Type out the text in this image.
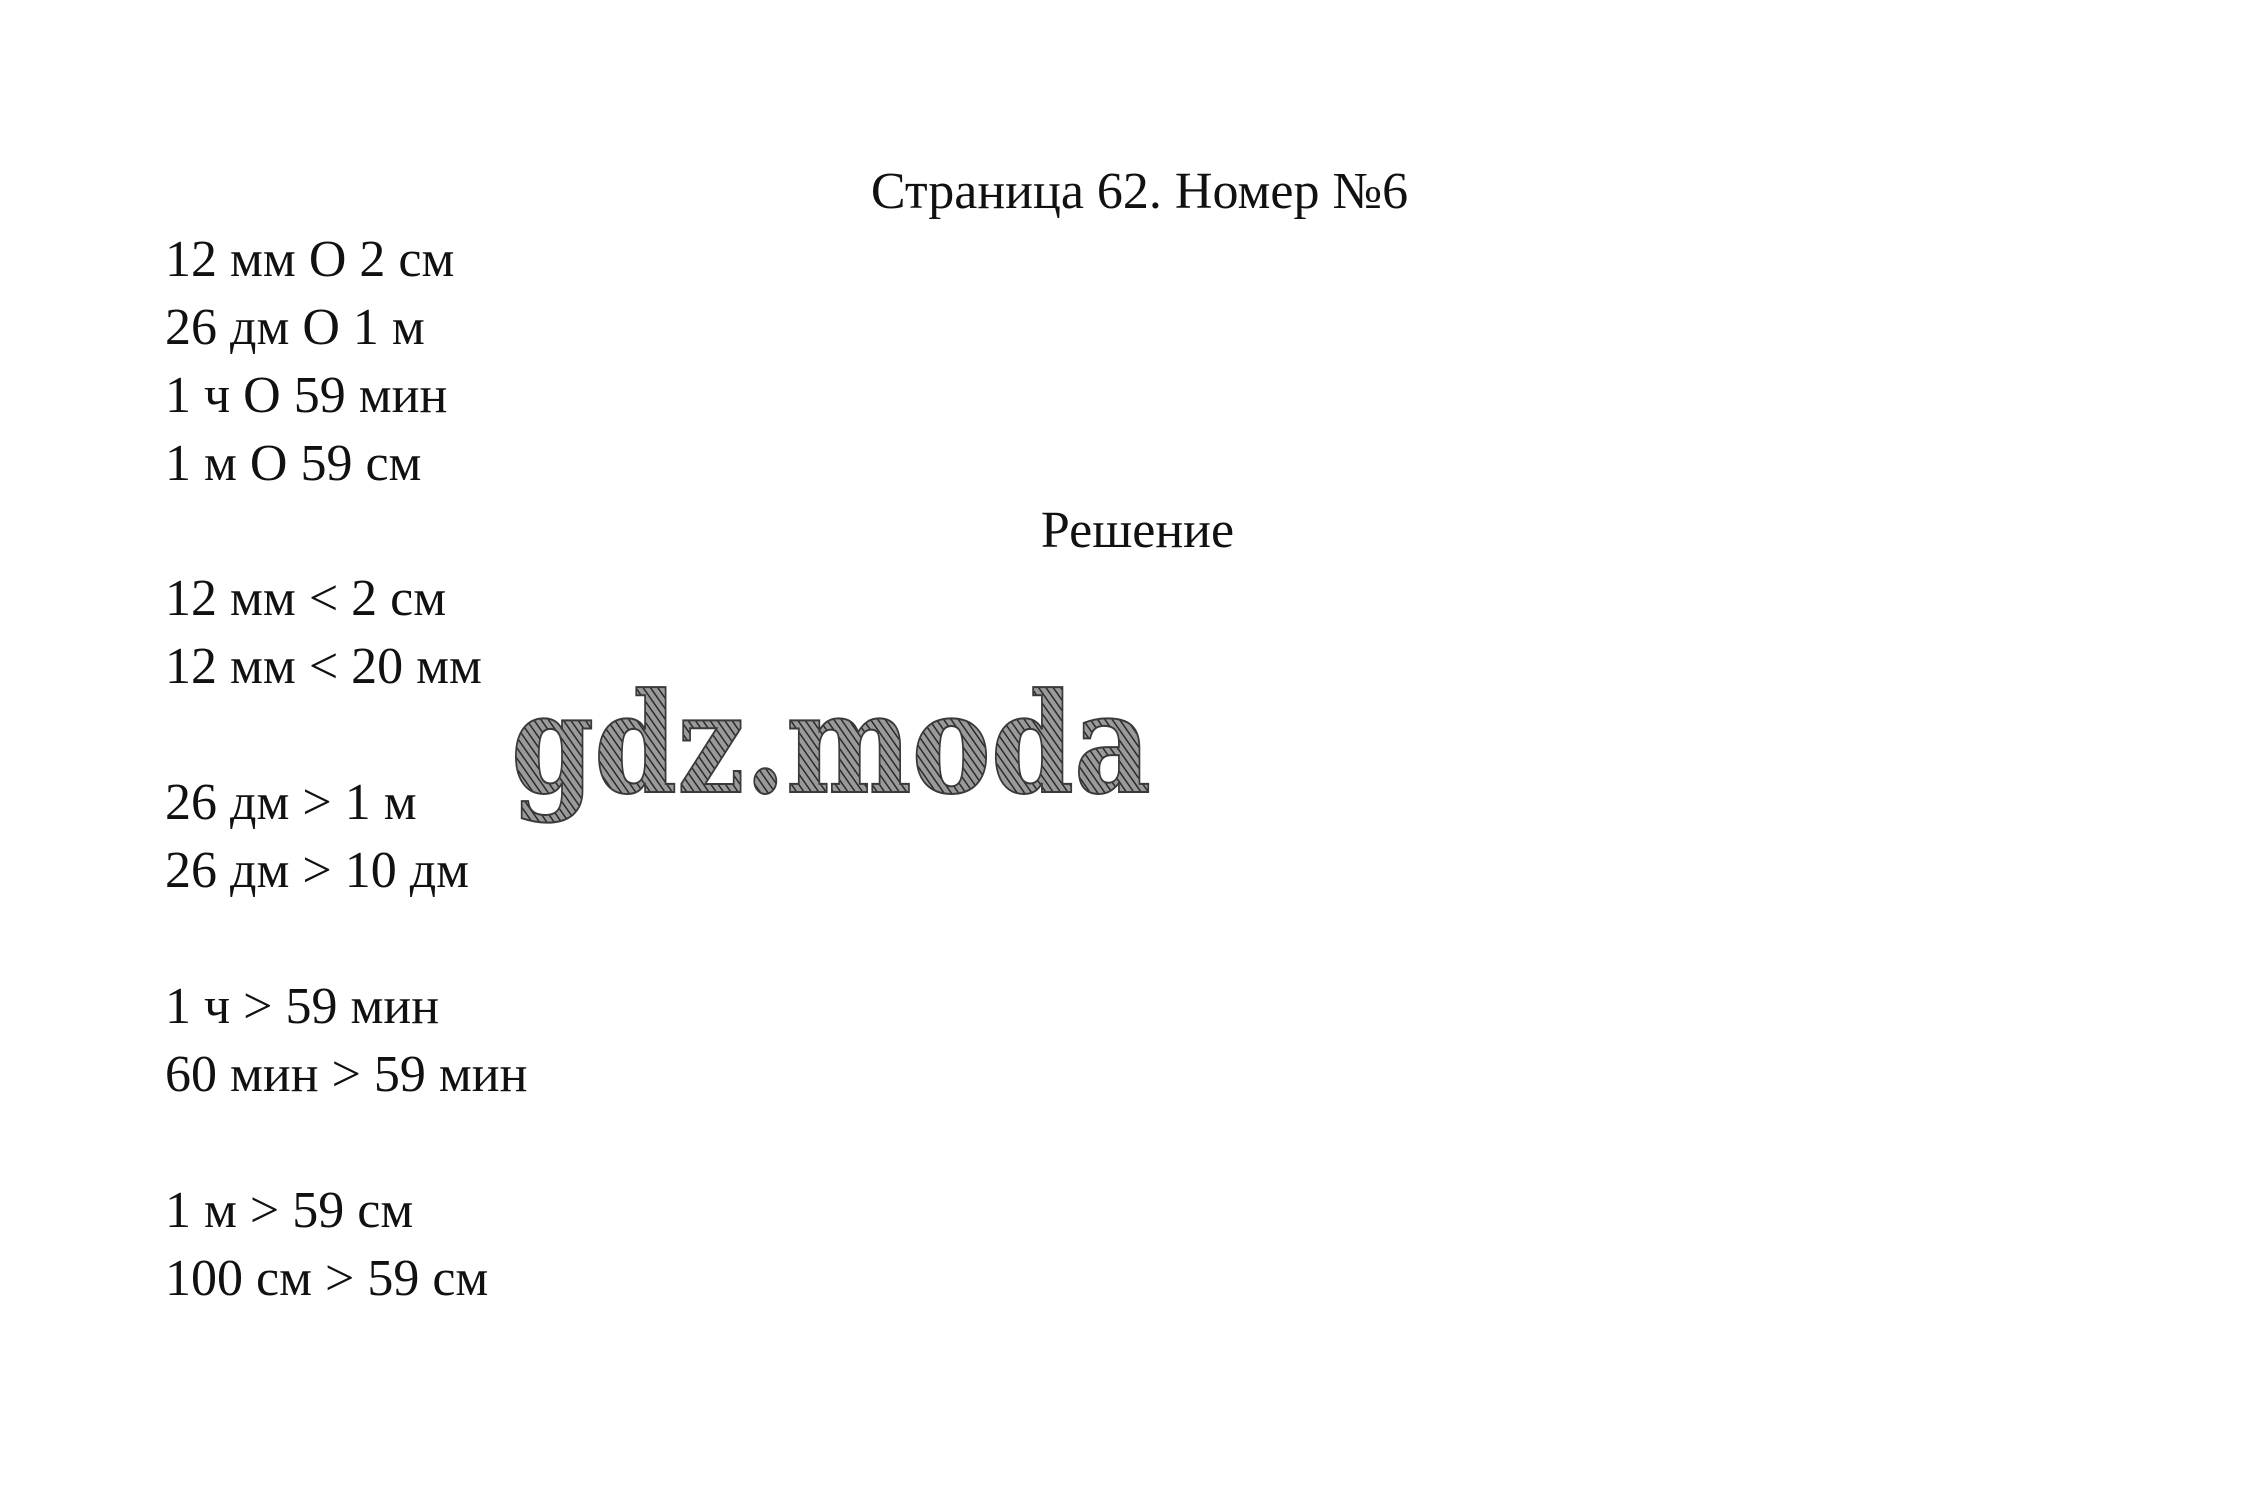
Страница 62. Номер №6
12 мм О 2 см
26 дм О 1 м
1 ч О 59 мин
1 м О 59 см
Решение
12 мм < 2 см
12 мм < 20 мм
26 дм > 1 м
26 дм > 10 дм
1 ч > 59 мин
60 мин > 59 мин
1 м > 59 см
100 см > 59 см
gdz.moda
